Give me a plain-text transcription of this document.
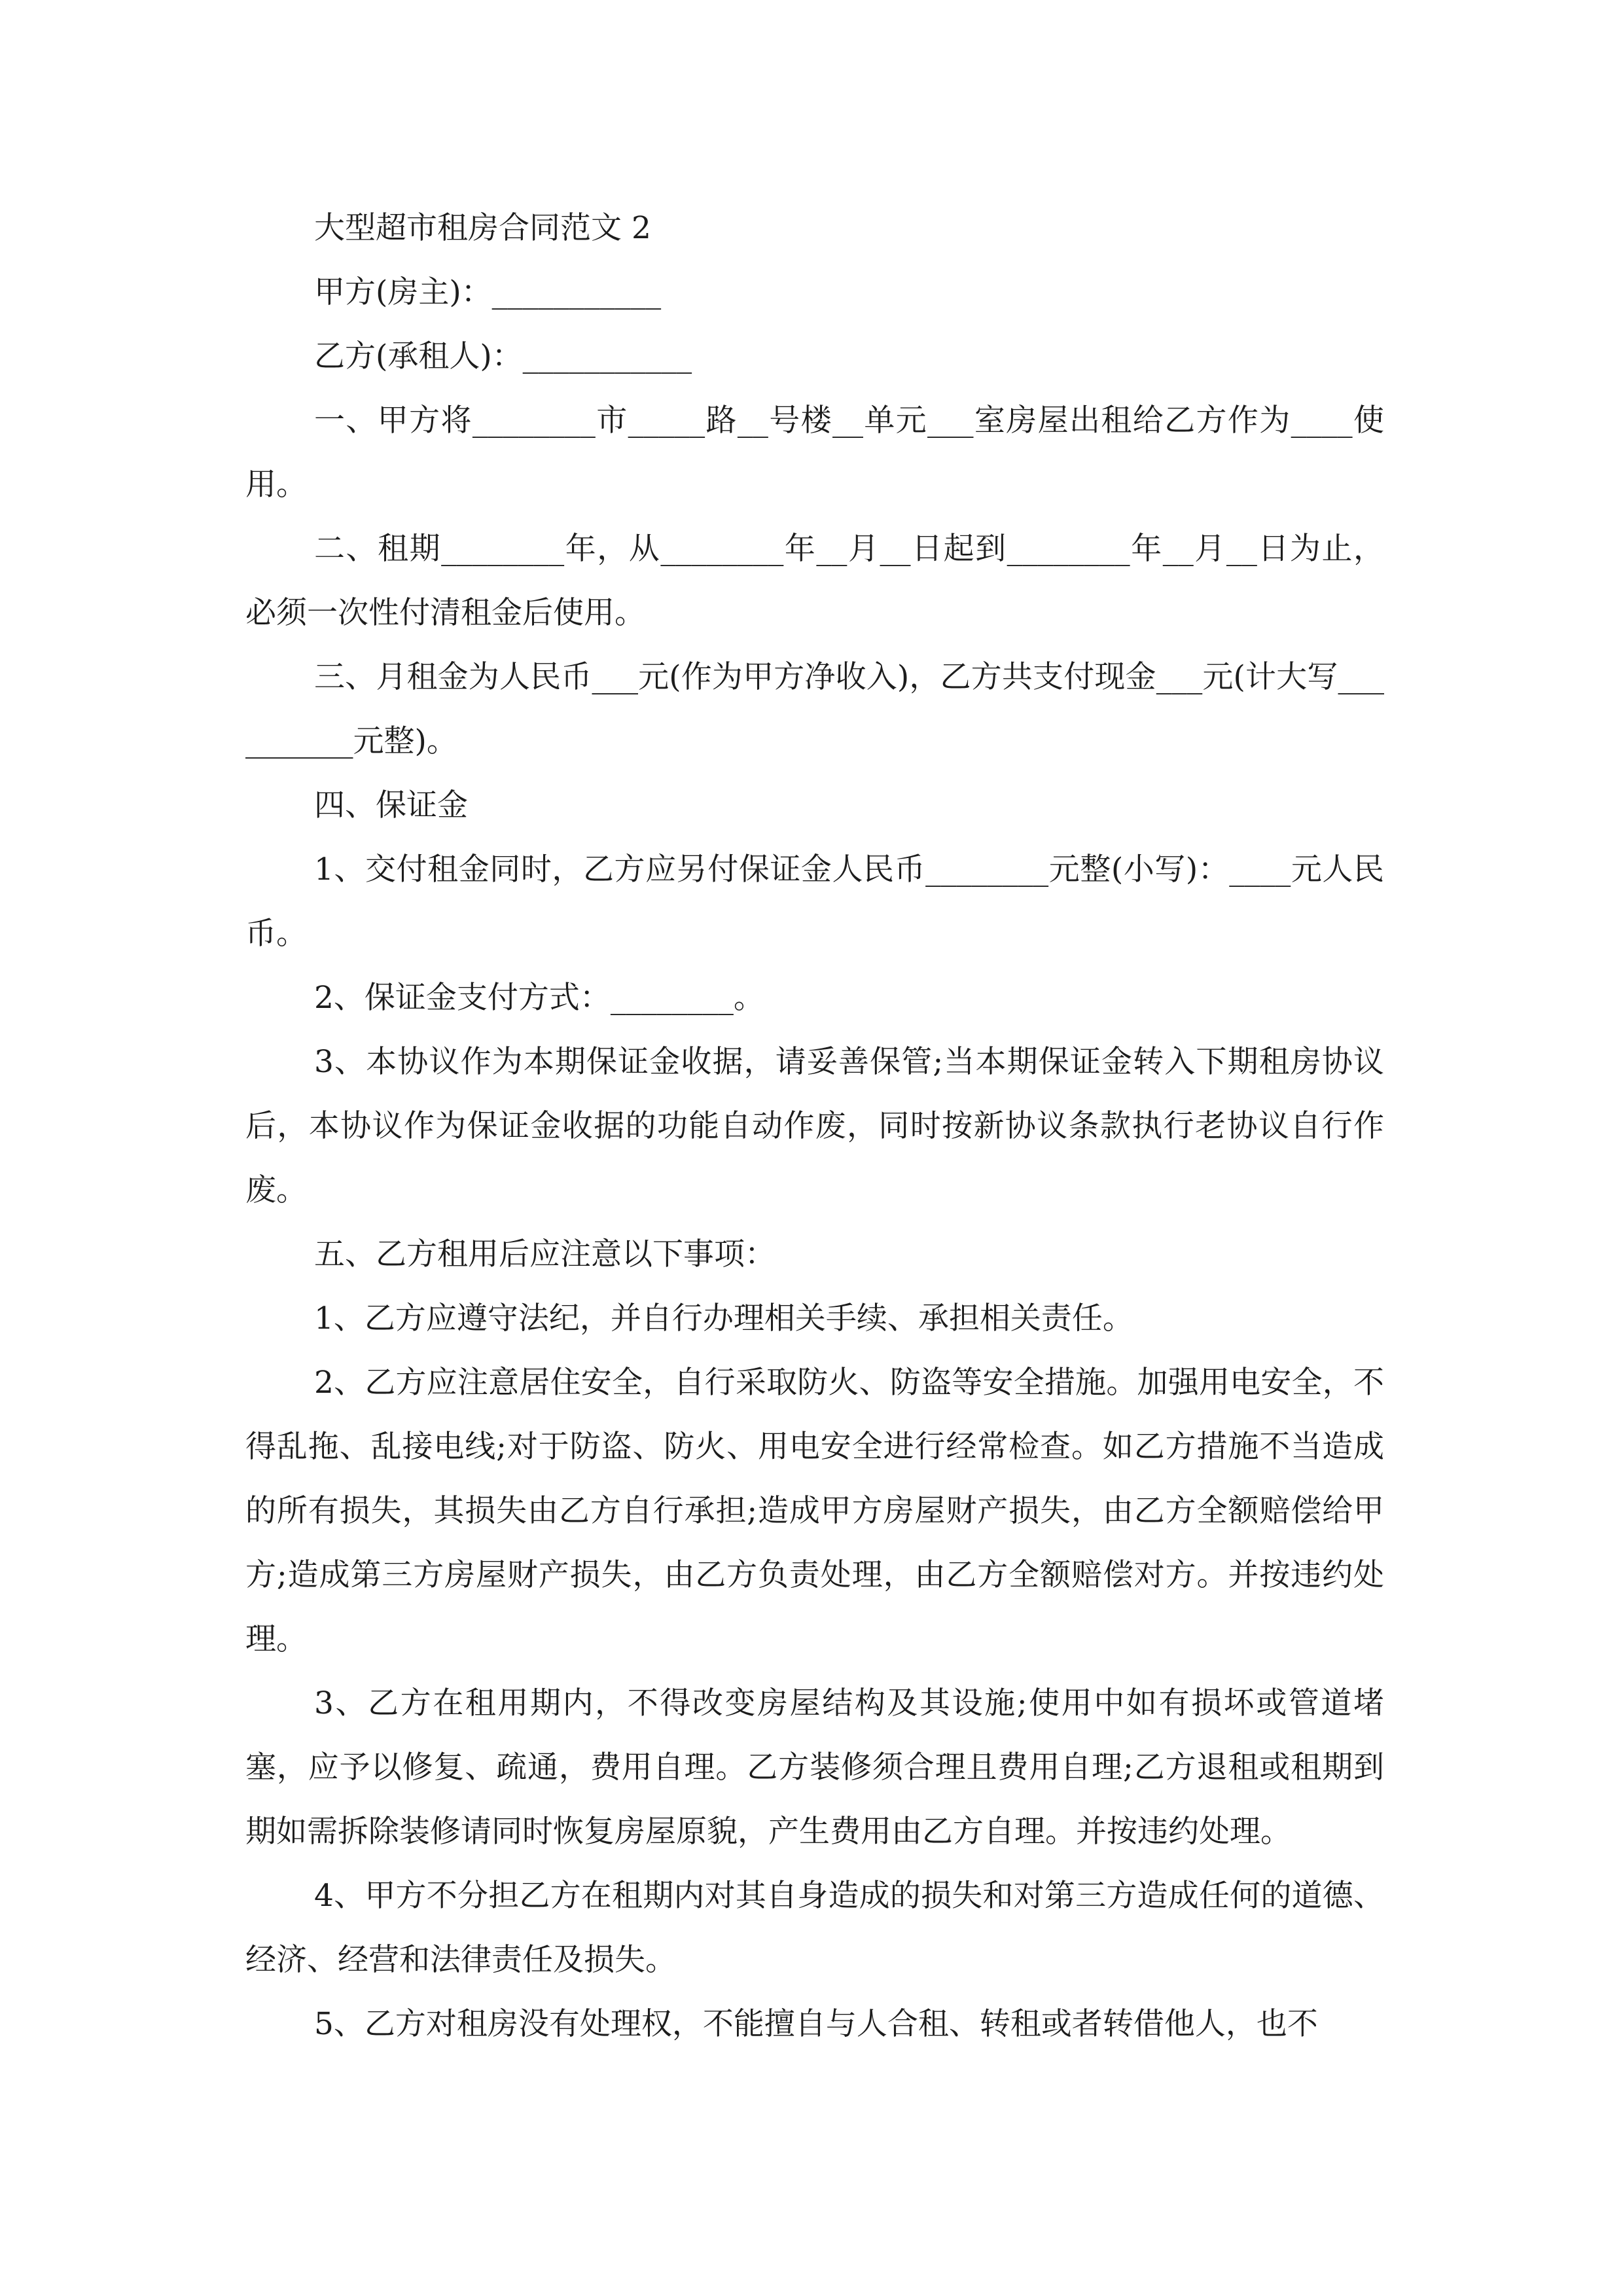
大型超市租房合同范文 2

甲方(房主)：___________

乙方(承租人)：___________

一、甲方将________市_____路__号楼__单元___室房屋出租给乙方作为____使用。

二、租期________年，从________年__月__日起到________年__月__日为止，必须一次性付清租金后使用。

三、月租金为人民币___元(作为甲方净收入)，乙方共支付现金___元(计大写__________元整)。

四、保证金

1、交付租金同时，乙方应另付保证金人民币________元整(小写)：____元人民币。

2、保证金支付方式：________。

3、本协议作为本期保证金收据，请妥善保管;当本期保证金转入下期租房协议后，本协议作为保证金收据的功能自动作废，同时按新协议条款执行老协议自行作废。

五、乙方租用后应注意以下事项：

1、乙方应遵守法纪，并自行办理相关手续、承担相关责任。

2、乙方应注意居住安全，自行采取防火、防盗等安全措施。加强用电安全，不得乱拖、乱接电线;对于防盗、防火、用电安全进行经常检查。如乙方措施不当造成的所有损失，其损失由乙方自行承担;造成甲方房屋财产损失，由乙方全额赔偿给甲方;造成第三方房屋财产损失，由乙方负责处理，由乙方全额赔偿对方。并按违约处理。

3、乙方在租用期内，不得改变房屋结构及其设施;使用中如有损坏或管道堵塞，应予以修复、疏通，费用自理。乙方装修须合理且费用自理;乙方退租或租期到期如需拆除装修请同时恢复房屋原貌，产生费用由乙方自理。并按违约处理。

4、甲方不分担乙方在租期内对其自身造成的损失和对第三方造成任何的道德、经济、经营和法律责任及损失。

5、乙方对租房没有处理权，不能擅自与人合租、转租或者转借他人，也不
